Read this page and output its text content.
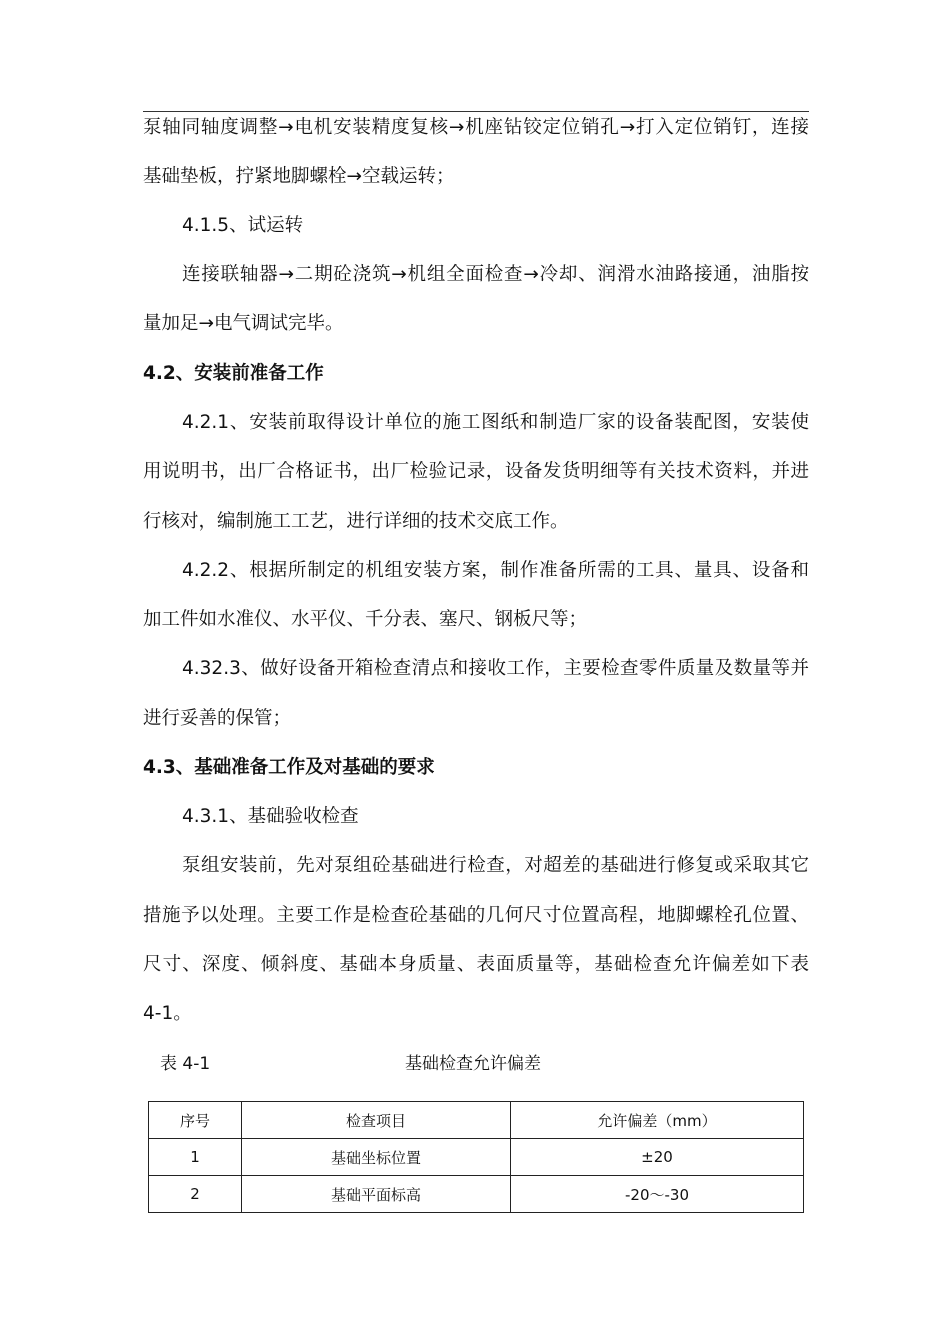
泵轴同轴度调整→电机安装精度复核→机座钻铰定位销孔→打入定位销钉，连接
基础垫板，拧紧地脚螺栓→空载运转；
4.1.5、试运转
连接联轴器→二期砼浇筑→机组全面检查→冷却、润滑水油路接通，油脂按
量加足→电气调试完毕。
4.2、安装前准备工作
4.2.1、安装前取得设计单位的施工图纸和制造厂家的设备装配图，安装使
用说明书，出厂合格证书，出厂检验记录，设备发货明细等有关技术资料，并进
行核对，编制施工工艺，进行详细的技术交底工作。
4.2.2、根据所制定的机组安装方案，制作准备所需的工具、量具、设备和
加工件如水准仪、水平仪、千分表、塞尺、钢板尺等；
4.32.3、做好设备开箱检查清点和接收工作，主要检查零件质量及数量等并
进行妥善的保管；
4.3、基础准备工作及对基础的要求
4.3.1、基础验收检查
泵组安装前，先对泵组砼基础进行检查，对超差的基础进行修复或采取其它
措施予以处理。主要工作是检查砼基础的几何尺寸位置高程，地脚螺栓孔位置、
尺寸、深度、倾斜度、基础本身质量、表面质量等，基础检查允许偏差如下表
4-1。
表 4-1	基础检查允许偏差
序号	检查项目	允许偏差（mm）
1	基础坐标位置	±20
2	基础平面标高	-20～-30
